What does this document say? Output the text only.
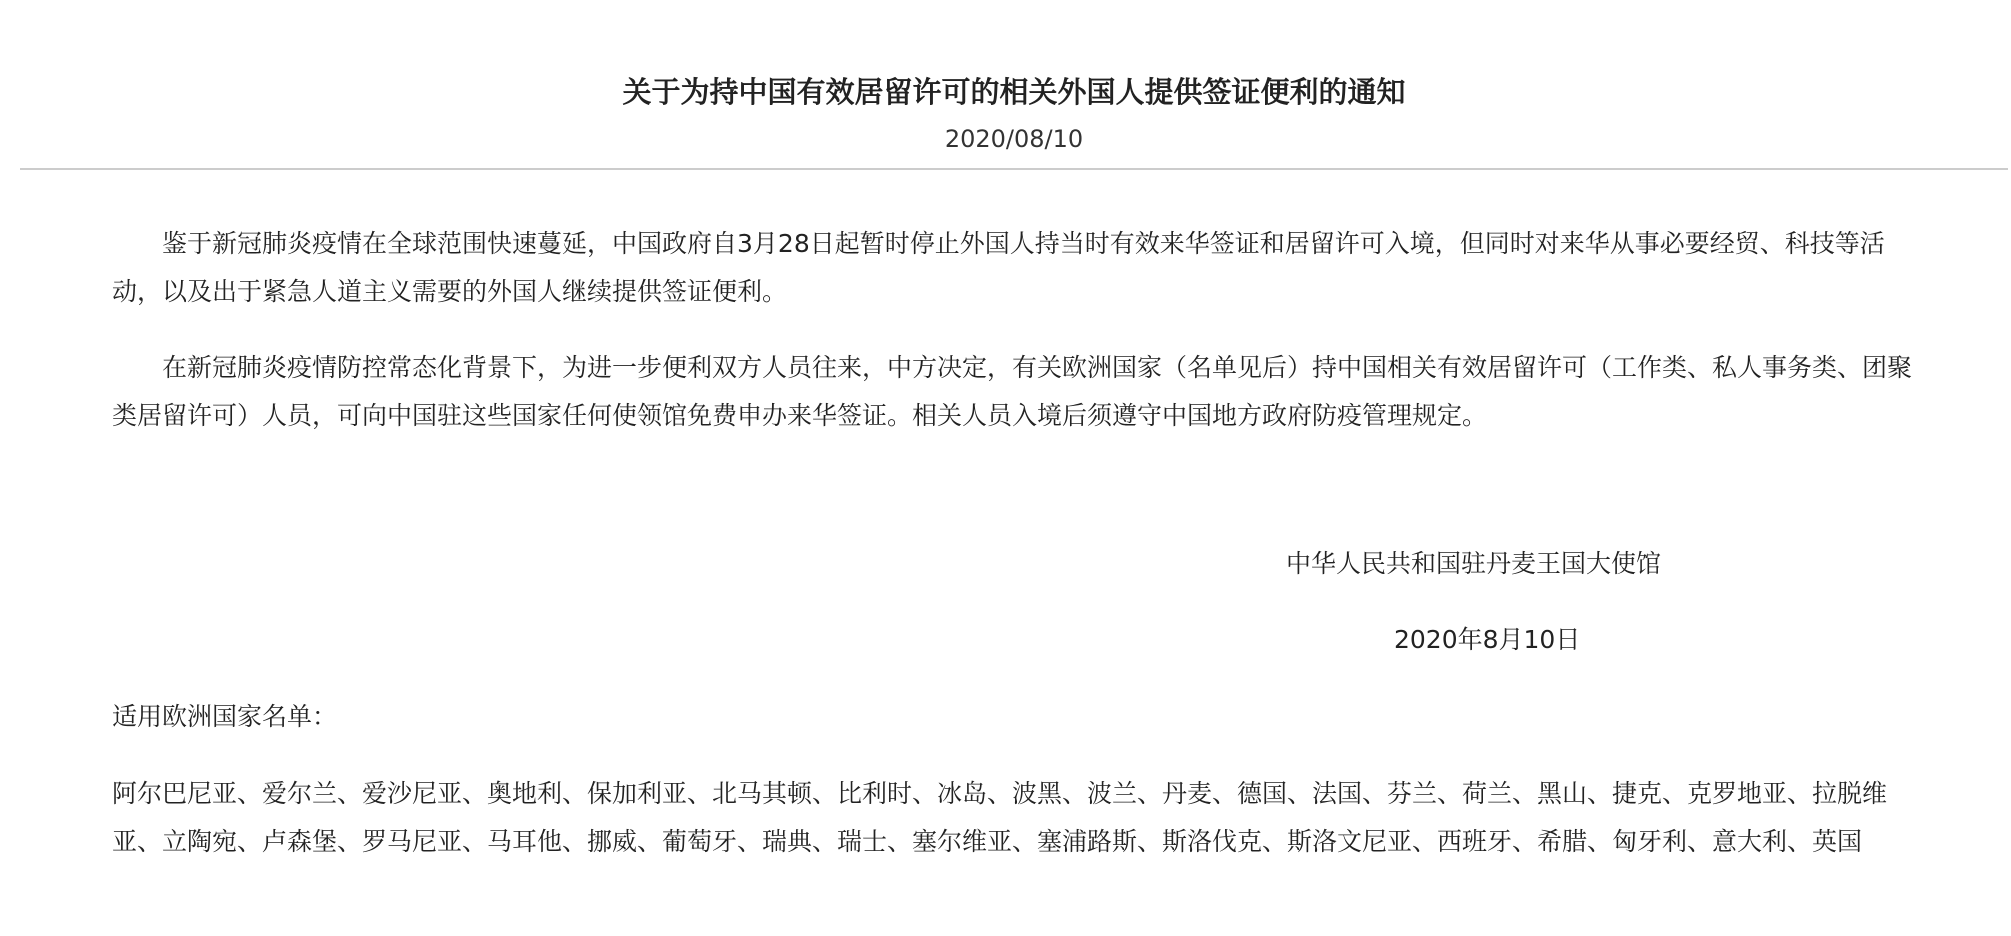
关于为持中国有效居留许可的相关外国人提供签证便利的通知
2020/08/10

鉴于新冠肺炎疫情在全球范围快速蔓延，中国政府自3月28日起暂时停止外国人持当时有效来华签证和居留许可入境，但同时对来华从事必要经贸、科技等活动，以及出于紧急人道主义需要的外国人继续提供签证便利。

在新冠肺炎疫情防控常态化背景下，为进一步便利双方人员往来，中方决定，有关欧洲国家（名单见后）持中国相关有效居留许可（工作类、私人事务类、团聚类居留许可）人员，可向中国驻这些国家任何使领馆免费申办来华签证。相关人员入境后须遵守中国地方政府防疫管理规定。

中华人民共和国驻丹麦王国大使馆
2020年8月10日
适用欧洲国家名单：

阿尔巴尼亚、爱尔兰、爱沙尼亚、奥地利、保加利亚、北马其顿、比利时、冰岛、波黑、波兰、丹麦、德国、法国、芬兰、荷兰、黑山、捷克、克罗地亚、拉脱维亚、立陶宛、卢森堡、罗马尼亚、马耳他、挪威、葡萄牙、瑞典、瑞士、塞尔维亚、塞浦路斯、斯洛伐克、斯洛文尼亚、西班牙、希腊、匈牙利、意大利、英国
